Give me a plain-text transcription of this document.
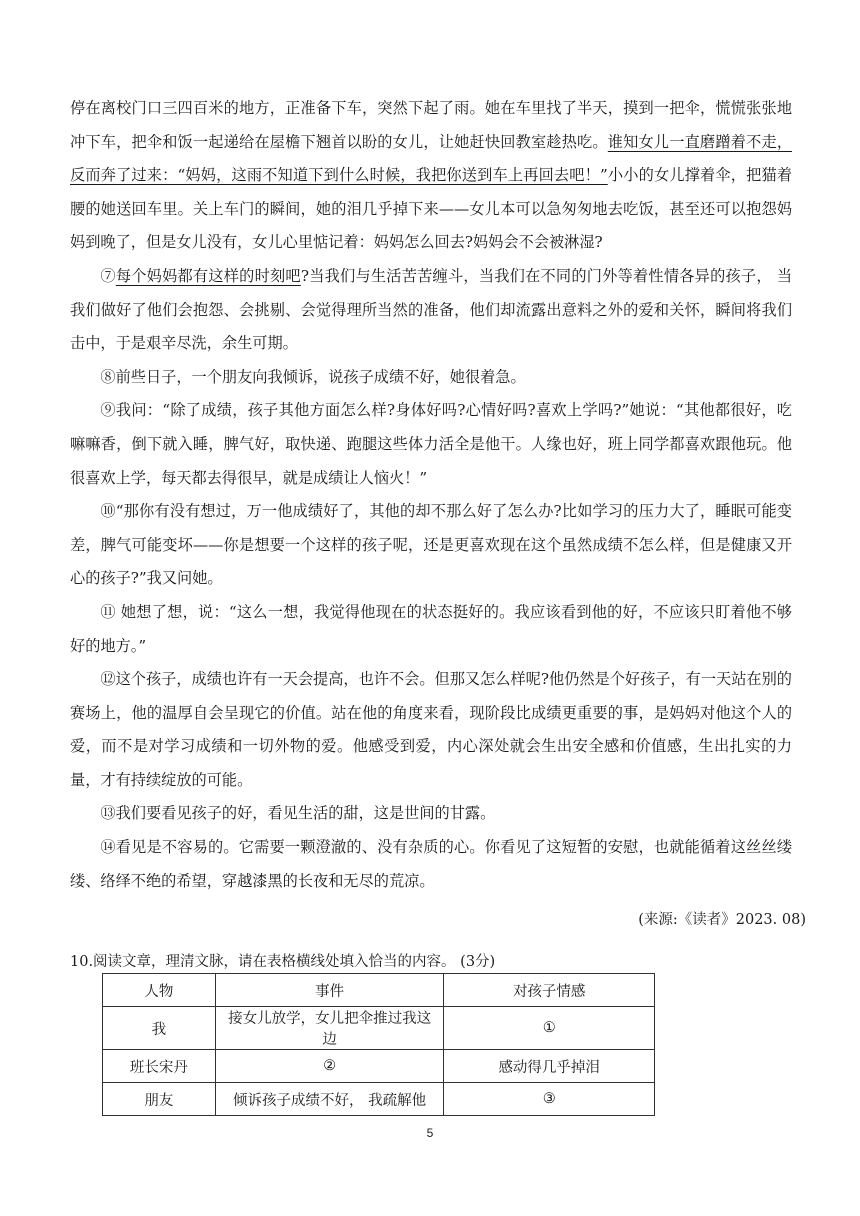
停在离校门口三四百米的地方，正准备下车，突然下起了雨。她在车里找了半天，摸到一把伞，慌慌张张地冲下车，把伞和饭一起递给在屋檐下翘首以盼的女儿，让她赶快回教室趁热吃。谁知女儿一直磨蹭着不走，反而奔了过来：“妈妈，这雨不知道下到什么时候，我把你送到车上再回去吧！”小小的女儿撑着伞，把猫着腰的她送回车里。关上车门的瞬间，她的泪几乎掉下来——女儿本可以急匆匆地去吃饭，甚至还可以抱怨妈妈到晚了，但是女儿没有，女儿心里惦记着：妈妈怎么回去?妈妈会不会被淋湿?

⑦每个妈妈都有这样的时刻吧?当我们与生活苦苦缠斗，当我们在不同的门外等着性情各异的孩子， 当我们做好了他们会抱怨、会挑剔、会觉得理所当然的准备，他们却流露出意料之外的爱和关怀，瞬间将我们击中，于是艰辛尽洗，余生可期。

⑧前些日子，一个朋友向我倾诉，说孩子成绩不好，她很着急。

⑨我问：“除了成绩，孩子其他方面怎么样?身体好吗?心情好吗?喜欢上学吗?”她说：“其他都很好，吃嘛嘛香，倒下就入睡，脾气好，取快递、跑腿这些体力活全是他干。人缘也好，班上同学都喜欢跟他玩。他很喜欢上学，每天都去得很早，就是成绩让人恼火！”

⑩“那你有没有想过，万一他成绩好了，其他的却不那么好了怎么办?比如学习的压力大了，睡眠可能变差，脾气可能变坏——你是想要一个这样的孩子呢，还是更喜欢现在这个虽然成绩不怎么样，但是健康又开心的孩子?”我又问她。

⑪ 她想了想，说：“这么一想，我觉得他现在的状态挺好的。我应该看到他的好，不应该只盯着他不够好的地方。”

⑫这个孩子，成绩也许有一天会提高，也许不会。但那又怎么样呢?他仍然是个好孩子，有一天站在别的赛场上，他的温厚自会呈现它的价值。站在他的角度来看，现阶段比成绩更重要的事，是妈妈对他这个人的爱，而不是对学习成绩和一切外物的爱。他感受到爱，内心深处就会生出安全感和价值感，生出扎实的力量，才有持续绽放的可能。

⑬我们要看见孩子的好，看见生活的甜，这是世间的甘露。

⑭看见是不容易的。它需要一颗澄澈的、没有杂质的心。你看见了这短暂的安慰，也就能循着这丝丝缕缕、络绎不绝的希望，穿越漆黑的长夜和无尽的荒凉。

(来源:《读者》2023. 08)
10.阅读文章，理清文脉，请在表格横线处填入恰当的内容。 (3分)
人物	事件	对孩子情感
我	接女儿放学，女儿把伞推过我这边	①
班长宋丹	②	感动得几乎掉泪
朋友	倾诉孩子成绩不好， 我疏解他	③
5
